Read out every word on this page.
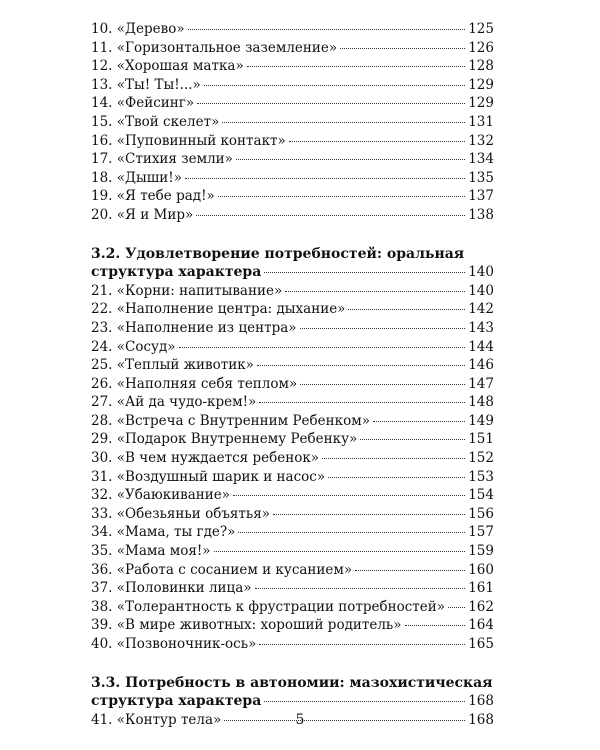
10. «Дерево»	125
11. «Горизонтальное заземление»	126
12. «Хорошая матка»	128
13. «Ты! Ты!...»	129
14. «Фейсинг»	129
15. «Твой скелет»	131
16. «Пуповинный контакт»	132
17. «Стихия земли»	134
18. «Дыши!»	135
19. «Я тебе рад!»	137
20. «Я и Мир»	138
3.2. Удовлетворение потребностей: оральная
структура характера	140
21. «Корни: напитывание»	140
22. «Наполнение центра: дыхание»	142
23. «Наполнение из центра»	143
24. «Сосуд»	144
25. «Теплый животик»	146
26. «Наполняя себя теплом»	147
27. «Ай да чудо-крем!»	148
28. «Встреча с Внутренним Ребенком»	149
29. «Подарок Внутреннему Ребенку»	151
30. «В чем нуждается ребенок»	152
31. «Воздушный шарик и насос»	153
32. «Убаюкивание»	154
33. «Обезьяньи объятья»	156
34. «Мама, ты где?»	157
35. «Мама моя!»	159
36. «Работа с сосанием и кусанием»	160
37. «Половинки лица»	161
38. «Толерантность к фрустрации потребностей» 162
39. «В мире животных: хороший родитель»	164
40. «Позвоночник-ось»	165
3.3. Потребность в автономии: мазохистическая
структура характера	168
41. «Контур тела»	168
5
